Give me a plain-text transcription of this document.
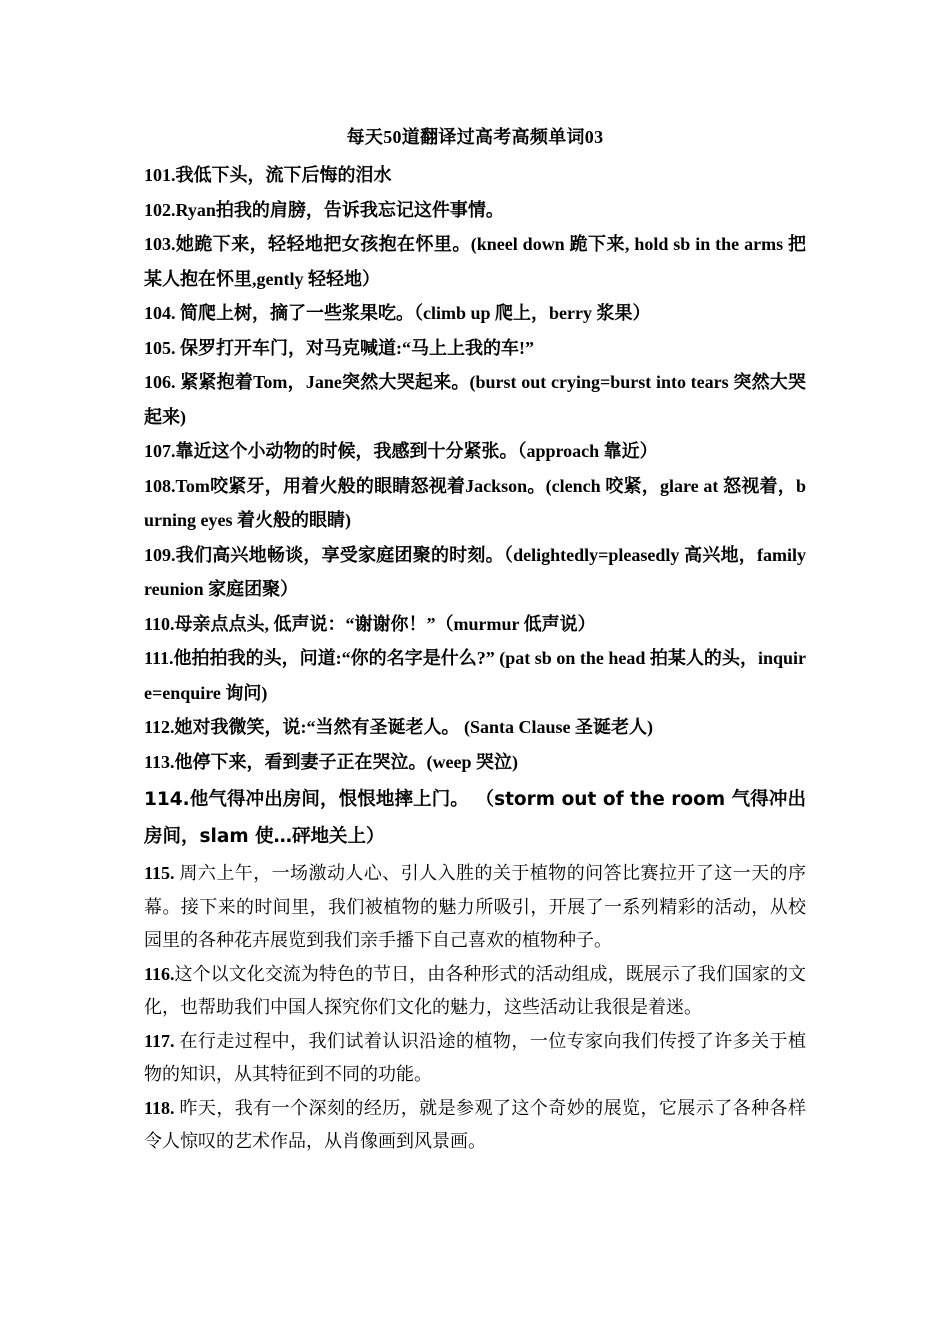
每天50道翻译过高考高频单词03

101.我低下头，流下后悔的泪水

102.Ryan拍我的肩膀，告诉我忘记这件事情。

103.她跪下来，轻轻地把女孩抱在怀里。(kneel down 跪下来, hold sb in the arms 把某人抱在怀里,gently 轻轻地）

104. 简爬上树，摘了一些浆果吃。（climb up 爬上，berry 浆果）

105. 保罗打开车门，对马克喊道:“马上上我的车!”

106. 紧紧抱着Tom，Jane突然大哭起来。(burst out crying=burst into tears 突然大哭起来)

107.靠近这个小动物的时候，我感到十分紧张。（approach 靠近）

108.Tom咬紧牙，用着火般的眼睛怒视着Jackson。(clench 咬紧，glare at 怒视着，burning eyes 着火般的眼睛)

109.我们高兴地畅谈，享受家庭团聚的时刻。（delightedly=pleasedly 高兴地，family reunion 家庭团聚）

110.母亲点点头, 低声说：“谢谢你！”（murmur 低声说）

111.他拍拍我的头，问道:“你的名字是什么?” (pat sb on the head 拍某人的头，inquire=enquire 询问)

112.她对我微笑，说:“当然有圣诞老人。 (Santa Clause 圣诞老人)

113.他停下来，看到妻子正在哭泣。(weep 哭泣)

114.他气得冲出房间，恨恨地摔上门。 （storm out of the room 气得冲出房间，slam 使…砰地关上）

115. 周六上午，一场激动人心、引人入胜的关于植物的问答比赛拉开了这一天的序幕。接下来的时间里，我们被植物的魅力所吸引，开展了一系列精彩的活动，从校园里的各种花卉展览到我们亲手播下自己喜欢的植物种子。

116.这个以文化交流为特色的节日，由各种形式的活动组成，既展示了我们国家的文化，也帮助我们中国人探究你们文化的魅力，这些活动让我很是着迷。

117. 在行走过程中，我们试着认识沿途的植物，一位专家向我们传授了许多关于植物的知识，从其特征到不同的功能。

118. 昨天，我有一个深刻的经历，就是参观了这个奇妙的展览，它展示了各种各样令人惊叹的艺术作品，从肖像画到风景画。
